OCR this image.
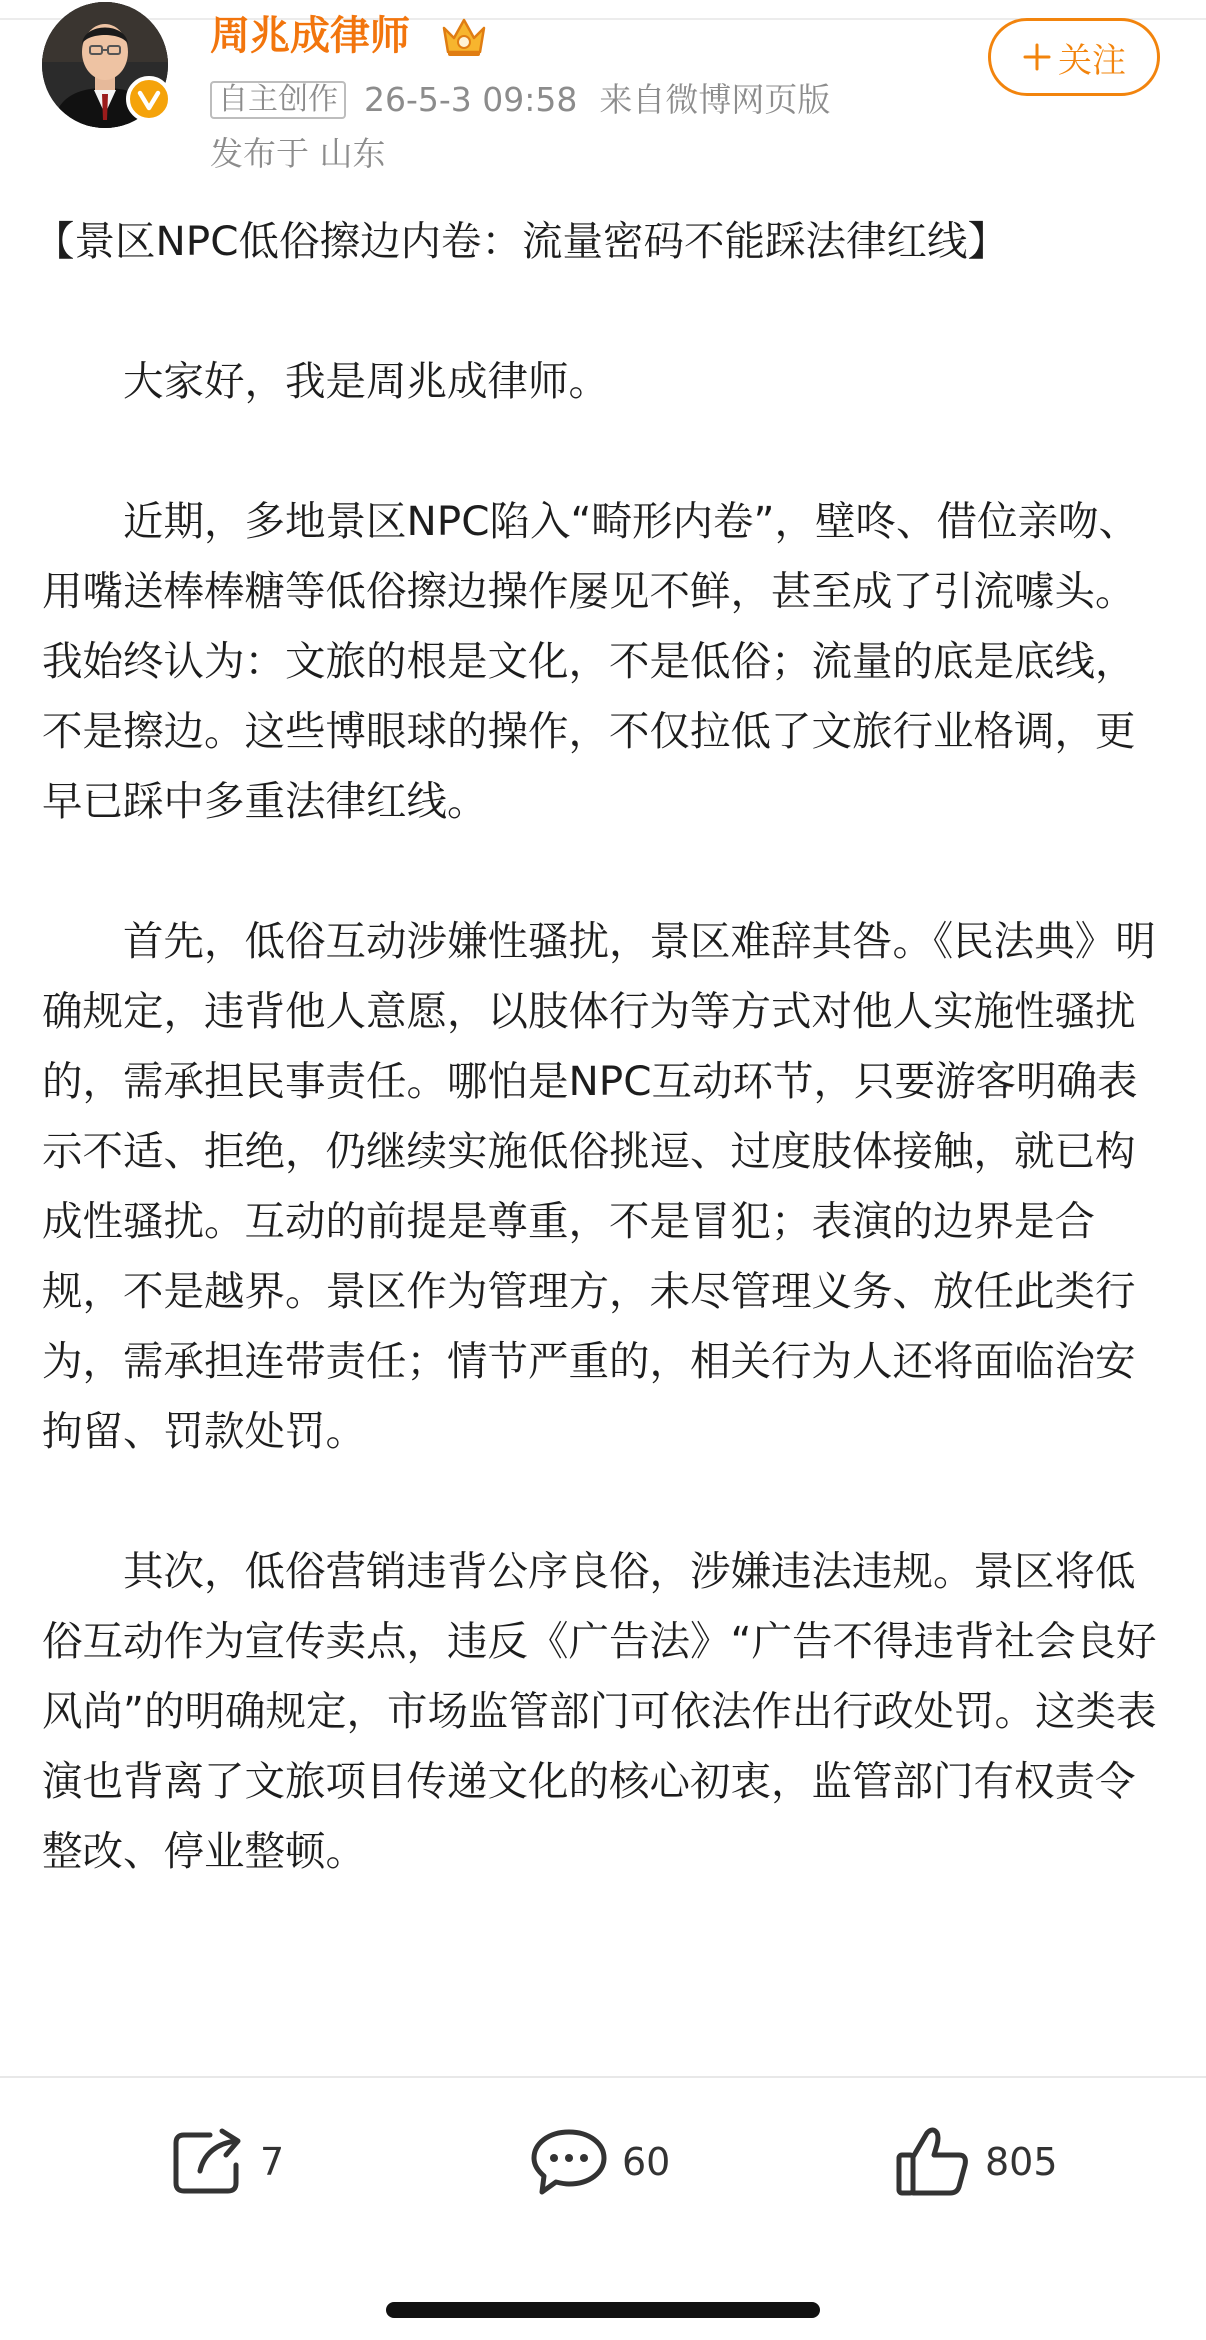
周兆成律师
自主创作 26-5-3 09:58 来自微博网页版
发布于 山东
关注

【景区NPC低俗擦边内卷：流量密码不能踩法律红线】

大家好，我是周兆成律师。

近期，多地景区NPC陷入“畸形内卷”，壁咚、借位亲吻、用嘴送棒棒糖等低俗擦边操作屡见不鲜，甚至成了引流噱头。我始终认为：文旅的根是文化，不是低俗；流量的底是底线，不是擦边。这些博眼球的操作，不仅拉低了文旅行业格调，更早已踩中多重法律红线。

首先，低俗互动涉嫌性骚扰，景区难辞其咎。《民法典》明确规定，违背他人意愿，以肢体行为等方式对他人实施性骚扰的，需承担民事责任。哪怕是NPC互动环节，只要游客明确表示不适、拒绝，仍继续实施低俗挑逗、过度肢体接触，就已构成性骚扰。互动的前提是尊重，不是冒犯；表演的边界是合规，不是越界。景区作为管理方，未尽管理义务、放任此类行为，需承担连带责任；情节严重的，相关行为人还将面临治安拘留、罚款处罚。

其次，低俗营销违背公序良俗，涉嫌违法违规。景区将低俗互动作为宣传卖点，违反《广告法》“广告不得违背社会良好风尚”的明确规定，市场监管部门可依法作出行政处罚。这类表演也背离了文旅项目传递文化的核心初衷，监管部门有权责令整改、停业整顿。

7	60	805
